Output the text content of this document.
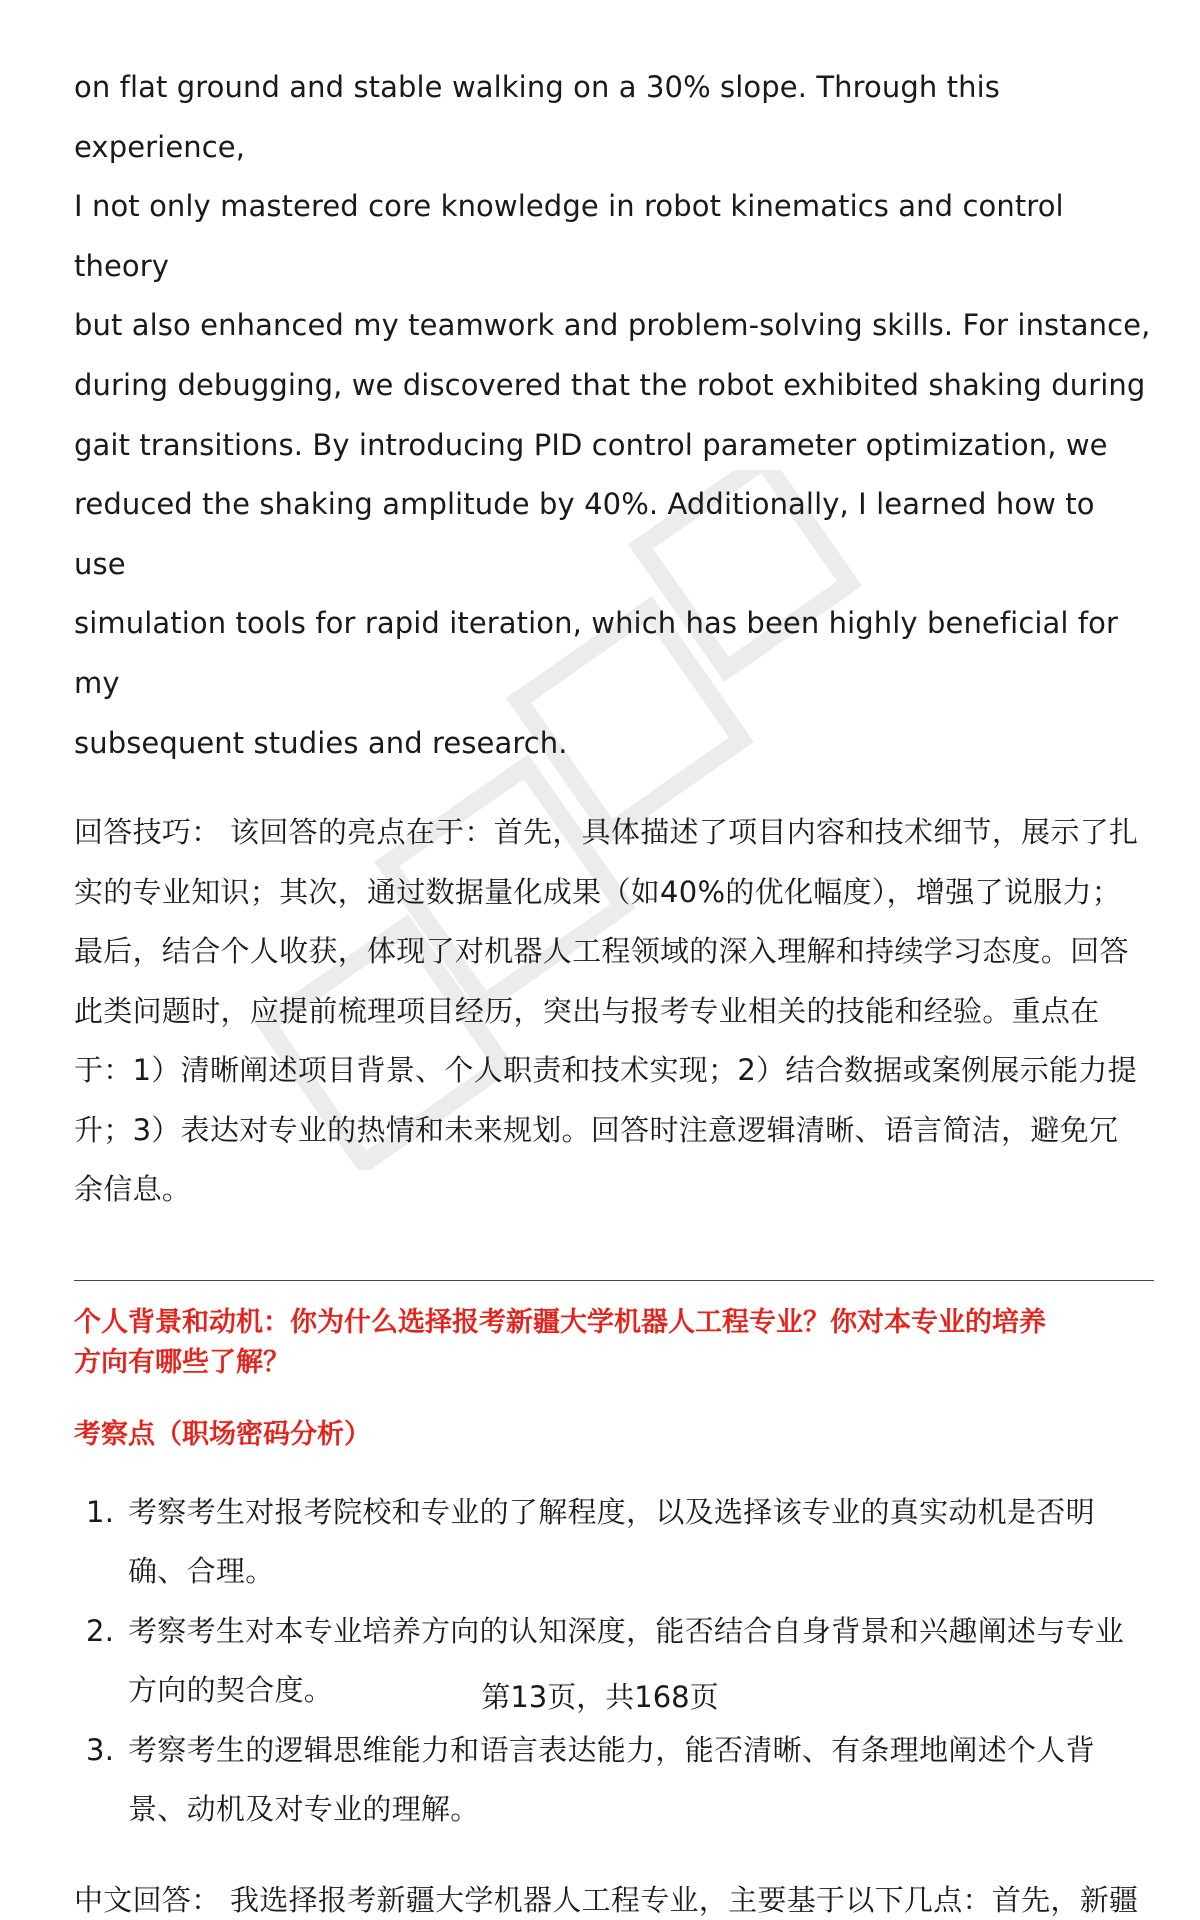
on flat ground and stable walking on a 30% slope. Through this experience,
I not only mastered core knowledge in robot kinematics and control theory
but also enhanced my teamwork and problem-solving skills. For instance,
during debugging, we discovered that the robot exhibited shaking during
gait transitions. By introducing PID control parameter optimization, we
reduced the shaking amplitude by 40%. Additionally, I learned how to use
simulation tools for rapid iteration, which has been highly beneficial for my
subsequent studies and research.
回答技巧： 该回答的亮点在于：首先，具体描述了项目内容和技术细节，展示了扎
实的专业知识；其次，通过数据量化成果（如40%的优化幅度），增强了说服力；
最后，结合个人收获，体现了对机器人工程领域的深入理解和持续学习态度。回答
此类问题时，应提前梳理项目经历，突出与报考专业相关的技能和经验。重点在
于：1）清晰阐述项目背景、个人职责和技术实现；2）结合数据或案例展示能力提
升；3）表达对专业的热情和未来规划。回答时注意逻辑清晰、语言简洁，避免冗
余信息。
个人背景和动机：你为什么选择报考新疆大学机器人工程专业？你对本专业的培养
方向有哪些了解？
考察点（职场密码分析）
1. 考察考生对报考院校和专业的了解程度，以及选择该专业的真实动机是否明
确、合理。
2. 考察考生对本专业培养方向的认知深度，能否结合自身背景和兴趣阐述与专业
方向的契合度。
3. 考察考生的逻辑思维能力和语言表达能力，能否清晰、有条理地阐述个人背
景、动机及对专业的理解。
中文回答： 我选择报考新疆大学机器人工程专业，主要基于以下几点：首先，新疆
第13页，共168页
